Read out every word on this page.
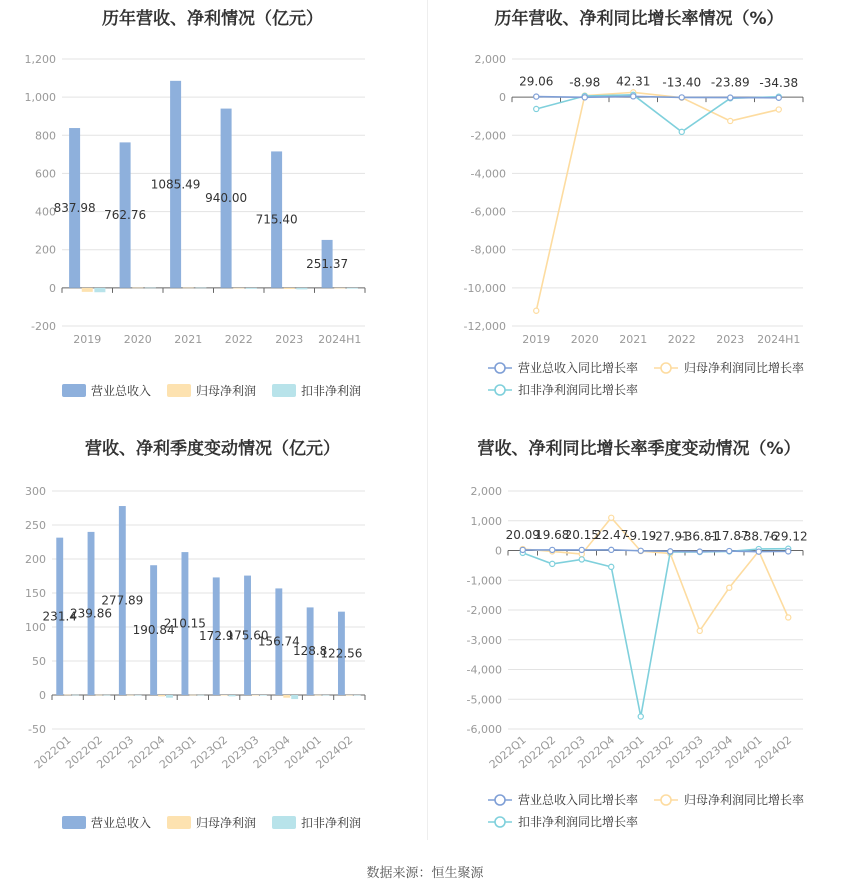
1,200
1,000
800
600
400
200
0
-200
2019 2020 2021 2022 2023 2024H1
837.98
762.76
1085.49
940.00
715.40
251.37
营业总收入	归母净利润	扣非净利润
历年营收、净利情况（亿元）
2,000
0
-2,000
-4,000
-6,000
-8,000
-10,000
-12,000
2019 2020 2021 2022 2023 2024H1
29.06 -8.98 42.31 -13.40 -23.89 -34.38
营业总收入同比增长率	归母净利润同比增长率
扣非净利润同比增长率
历年营收、净利同比增长率情况（%）
300
250
200
150
100
50
0
-50
2022Q1
2022Q2
2022Q3
2022Q4
2023Q1
2023Q2
2023Q3
2023Q4
2024Q1
2024Q2
231.4
239.86
277.89
190.84
210.15
172.9
175.60
156.74
128.8
122.56
营业总收入	归母净利润	扣非净利润
营收、净利季度变动情况（亿元）
2,000
1,000
0
-1,000
-2,000
-3,000
-4,000
-5,000
-6,000
2022Q1
2022Q2
2022Q3
2022Q4
2023Q1
2023Q2
2023Q3
2023Q4
2024Q1
2024Q2
20.09
19.68
20.15
22.47
-9.19
-27.91
-36.81
-17.87
-38.76
-29.12
营业总收入同比增长率	归母净利润同比增长率
扣非净利润同比增长率
营收、净利同比增长率季度变动情况（%）
数据来源：恒生聚源
